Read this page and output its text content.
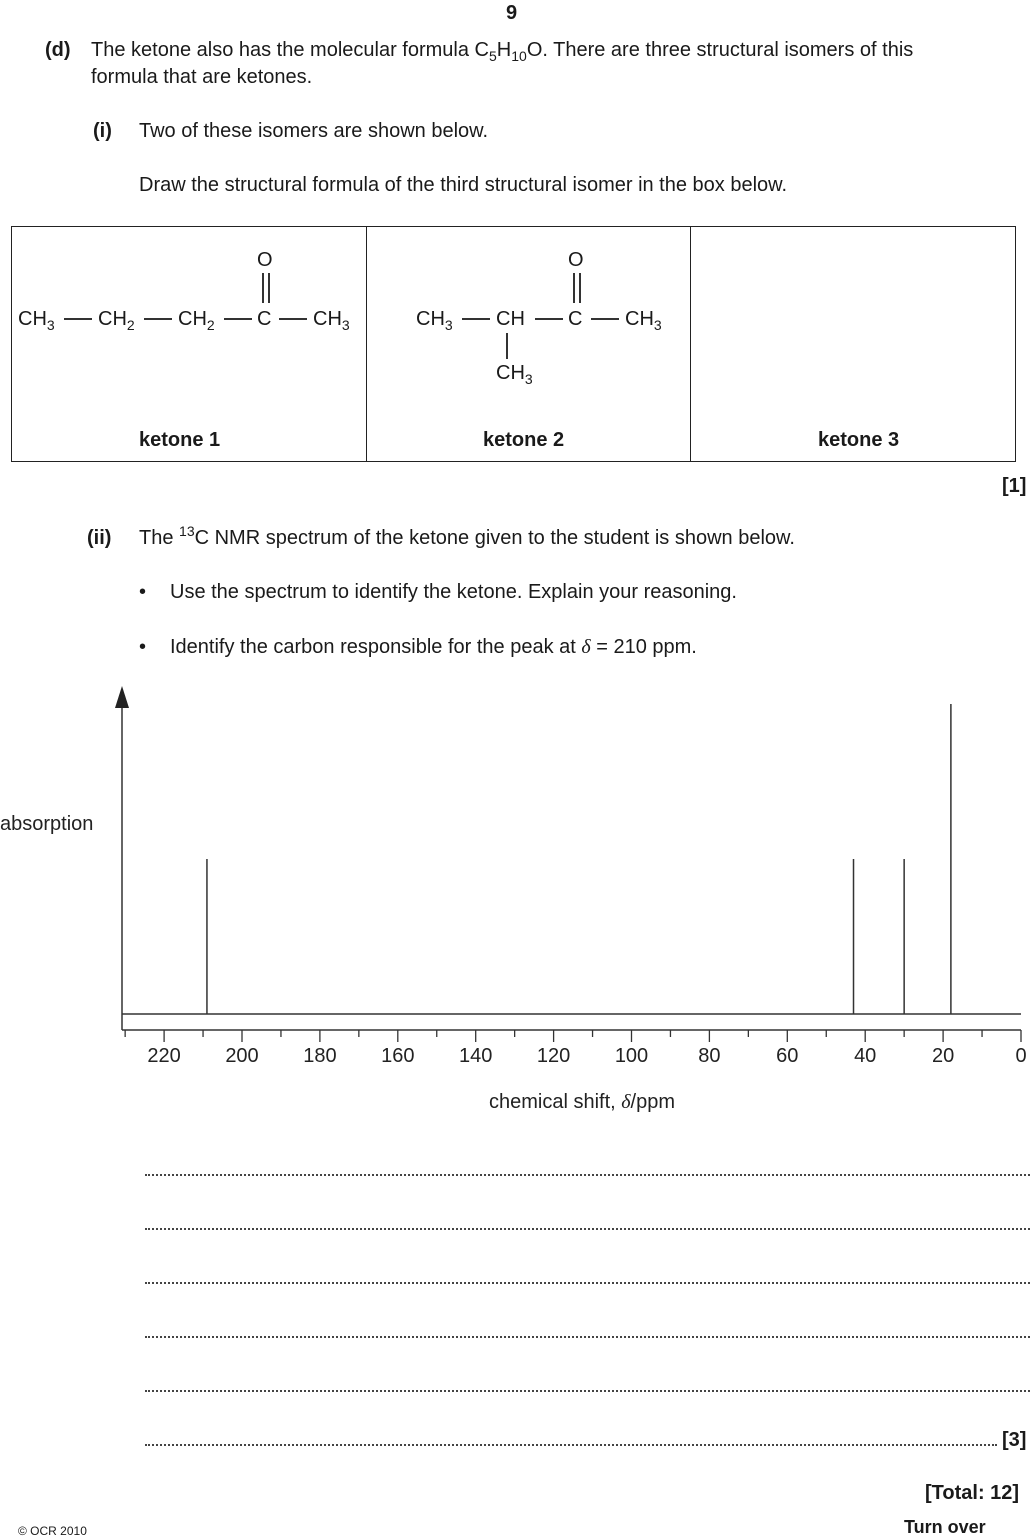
9
(d) The ketone also has the molecular formula $C_5H_{10}O$. There are three structural isomers of this
formula that are ketones.
(i) Two of these isomers are shown below.
Draw the structural formula of the third structural isomer in the box below.
O
$CH_3$ $CH_2$ $CH_2$ C $CH_3$
ketone 1
O
$CH_3$ CH C $CH_3$
$CH_3$
ketone 2	ketone 3
[1]
(ii) The $^{13}$C NMR spectrum of the ketone given to the student is shown below.
• Use the spectrum to identify the ketone. Explain your reasoning.
• Identify the carbon responsible for the peak at δ = 210 ppm.
220 200 180 160 140 120 100	80	60	40	20	0
absorption
chemical shift, δ/ppm
[3]
[Total: 12]
© OCR 2010	Turn over
